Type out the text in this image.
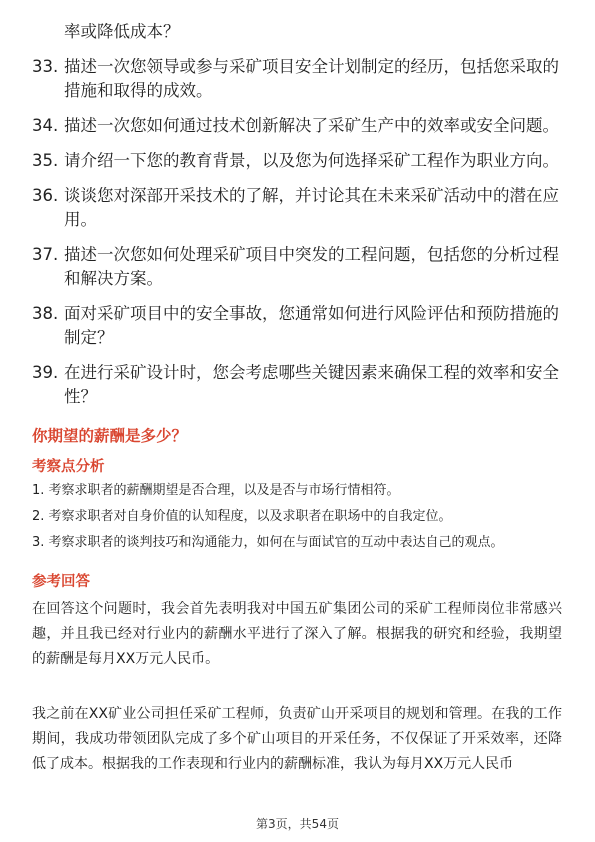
率或降低成本？
33. 描述一次您领导或参与采矿项目安全计划制定的经历，包括您采取的措施和取得的成效。
34. 描述一次您如何通过技术创新解决了采矿生产中的效率或安全问题。
35. 请介绍一下您的教育背景，以及您为何选择采矿工程作为职业方向。
36. 谈谈您对深部开采技术的了解，并讨论其在未来采矿活动中的潜在应用。
37. 描述一次您如何处理采矿项目中突发的工程问题，包括您的分析过程和解决方案。
38. 面对采矿项目中的安全事故，您通常如何进行风险评估和预防措施的制定？
39. 在进行采矿设计时，您会考虑哪些关键因素来确保工程的效率和安全性？
你期望的薪酬是多少？
考察点分析
1. 考察求职者的薪酬期望是否合理，以及是否与市场行情相符。
2. 考察求职者对自身价值的认知程度，以及求职者在职场中的自我定位。
3. 考察求职者的谈判技巧和沟通能力，如何在与面试官的互动中表达自己的观点。
参考回答

在回答这个问题时，我会首先表明我对中国五矿集团公司的采矿工程师岗位非常感兴趣，并且我已经对行业内的薪酬水平进行了深入了解。根据我的研究和经验，我期望的薪酬是每月XX万元人民币。

我之前在XX矿业公司担任采矿工程师，负责矿山开采项目的规划和管理。在我的工作期间，我成功带领团队完成了多个矿山项目的开采任务，不仅保证了开采效率，还降低了成本。根据我的工作表现和行业内的薪酬标准，我认为每月XX万元人民币

第3页，共54页
